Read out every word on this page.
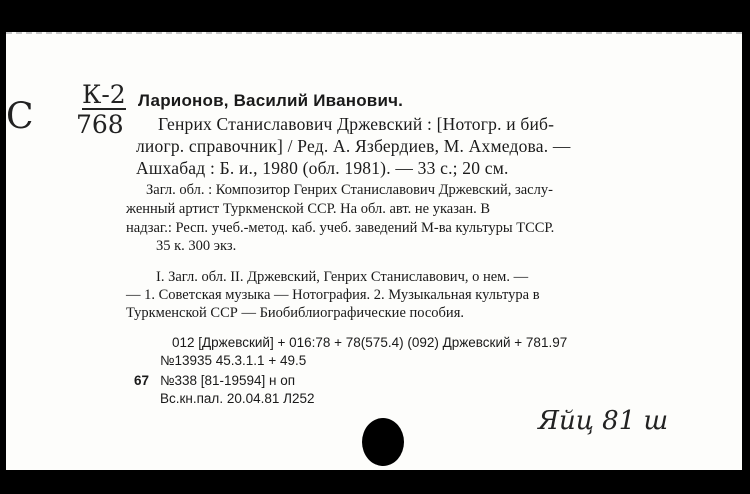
С
К-2
768
Ларионов, Василий Иванович.
Генрих Станиславович Држевский : [Нотогр. и биб-
лиогр. справочник] / Ред. А. Язбердиев, М. Ахмедова. —
Ашхабад : Б. и., 1980 (обл. 1981). — 33 с.; 20 см.
Загл. обл. : Композитор Генрих Станиславович Држевский, заслу-
женный артист Туркменской ССР. На обл. авт. не указан. В
надзаг.: Респ. учеб.-метод. каб. учеб. заведений М-ва культуры ТССР.
35 к. 300 экз.
I. Загл. обл. II. Држевский, Генрих Станиславович, о нем. —
— 1. Советская музыка — Нотография. 2. Музыкальная культура в
Туркменской ССР — Биобиблиографические пособия.
012 [Држевский] + 016:78 + 78(575.4) (092) Држевский + 781.97
№13935 45.3.1.1 + 49.5
67 №338 [81-19594] н оп
Вс.кн.пал. 20.04.81 Л252
Яйц 81 ш
